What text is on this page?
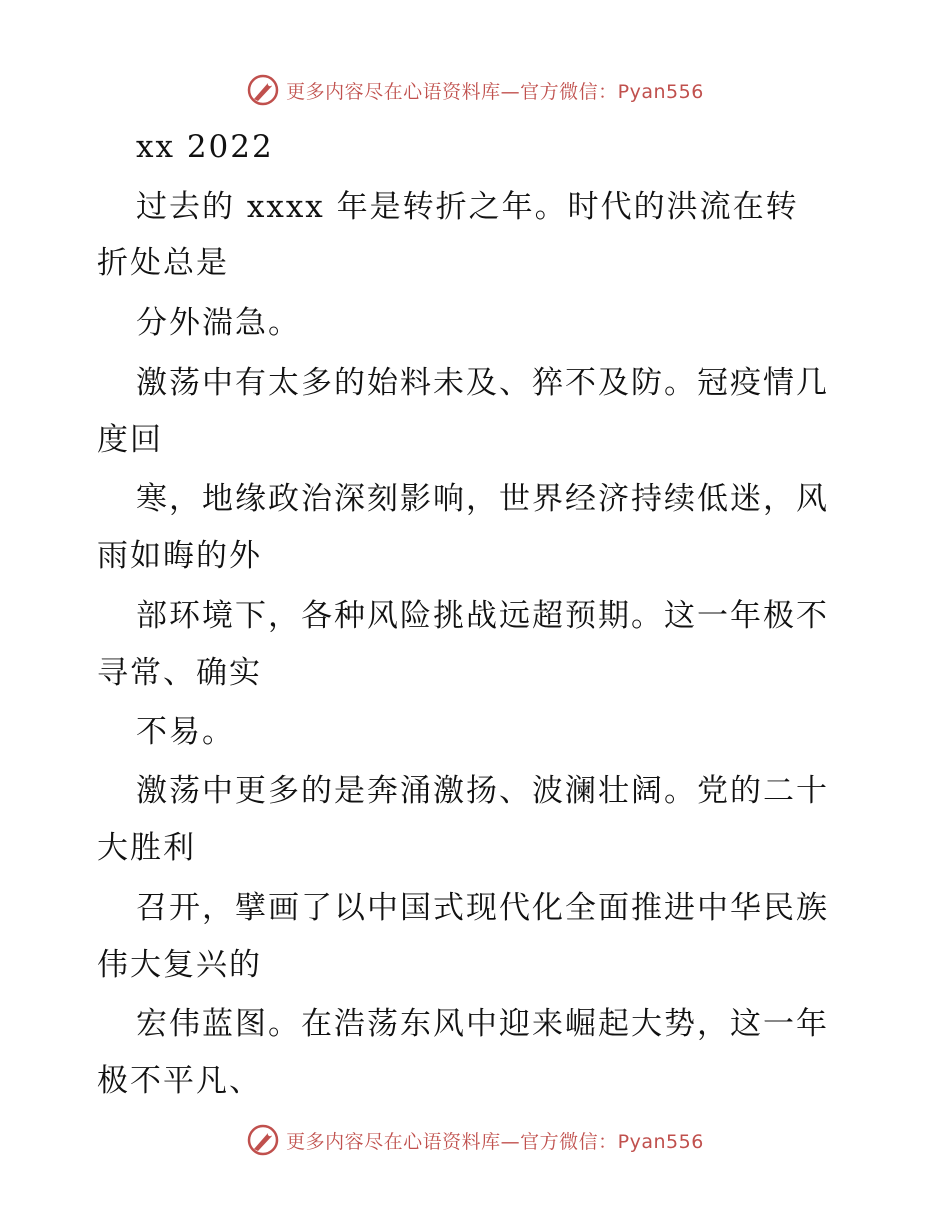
更多内容尽在心语资料库—官方微信：Pyan556
xx 2022
过去的 xxxx 年是转折之年。时代的洪流在转
折处总是
分外湍急。
激荡中有太多的始料未及、猝不及防。冠疫情几
度回
寒，地缘政治深刻影响，世界经济持续低迷，风
雨如晦的外
部环境下，各种风险挑战远超预期。这一年极不
寻常、确实
不易。
激荡中更多的是奔涌激扬、波澜壮阔。党的二十
大胜利
召开，擘画了以中国式现代化全面推进中华民族
伟大复兴的
宏伟蓝图。在浩荡东风中迎来崛起大势，这一年
极不平凡、
更多内容尽在心语资料库—官方微信：Pyan556
